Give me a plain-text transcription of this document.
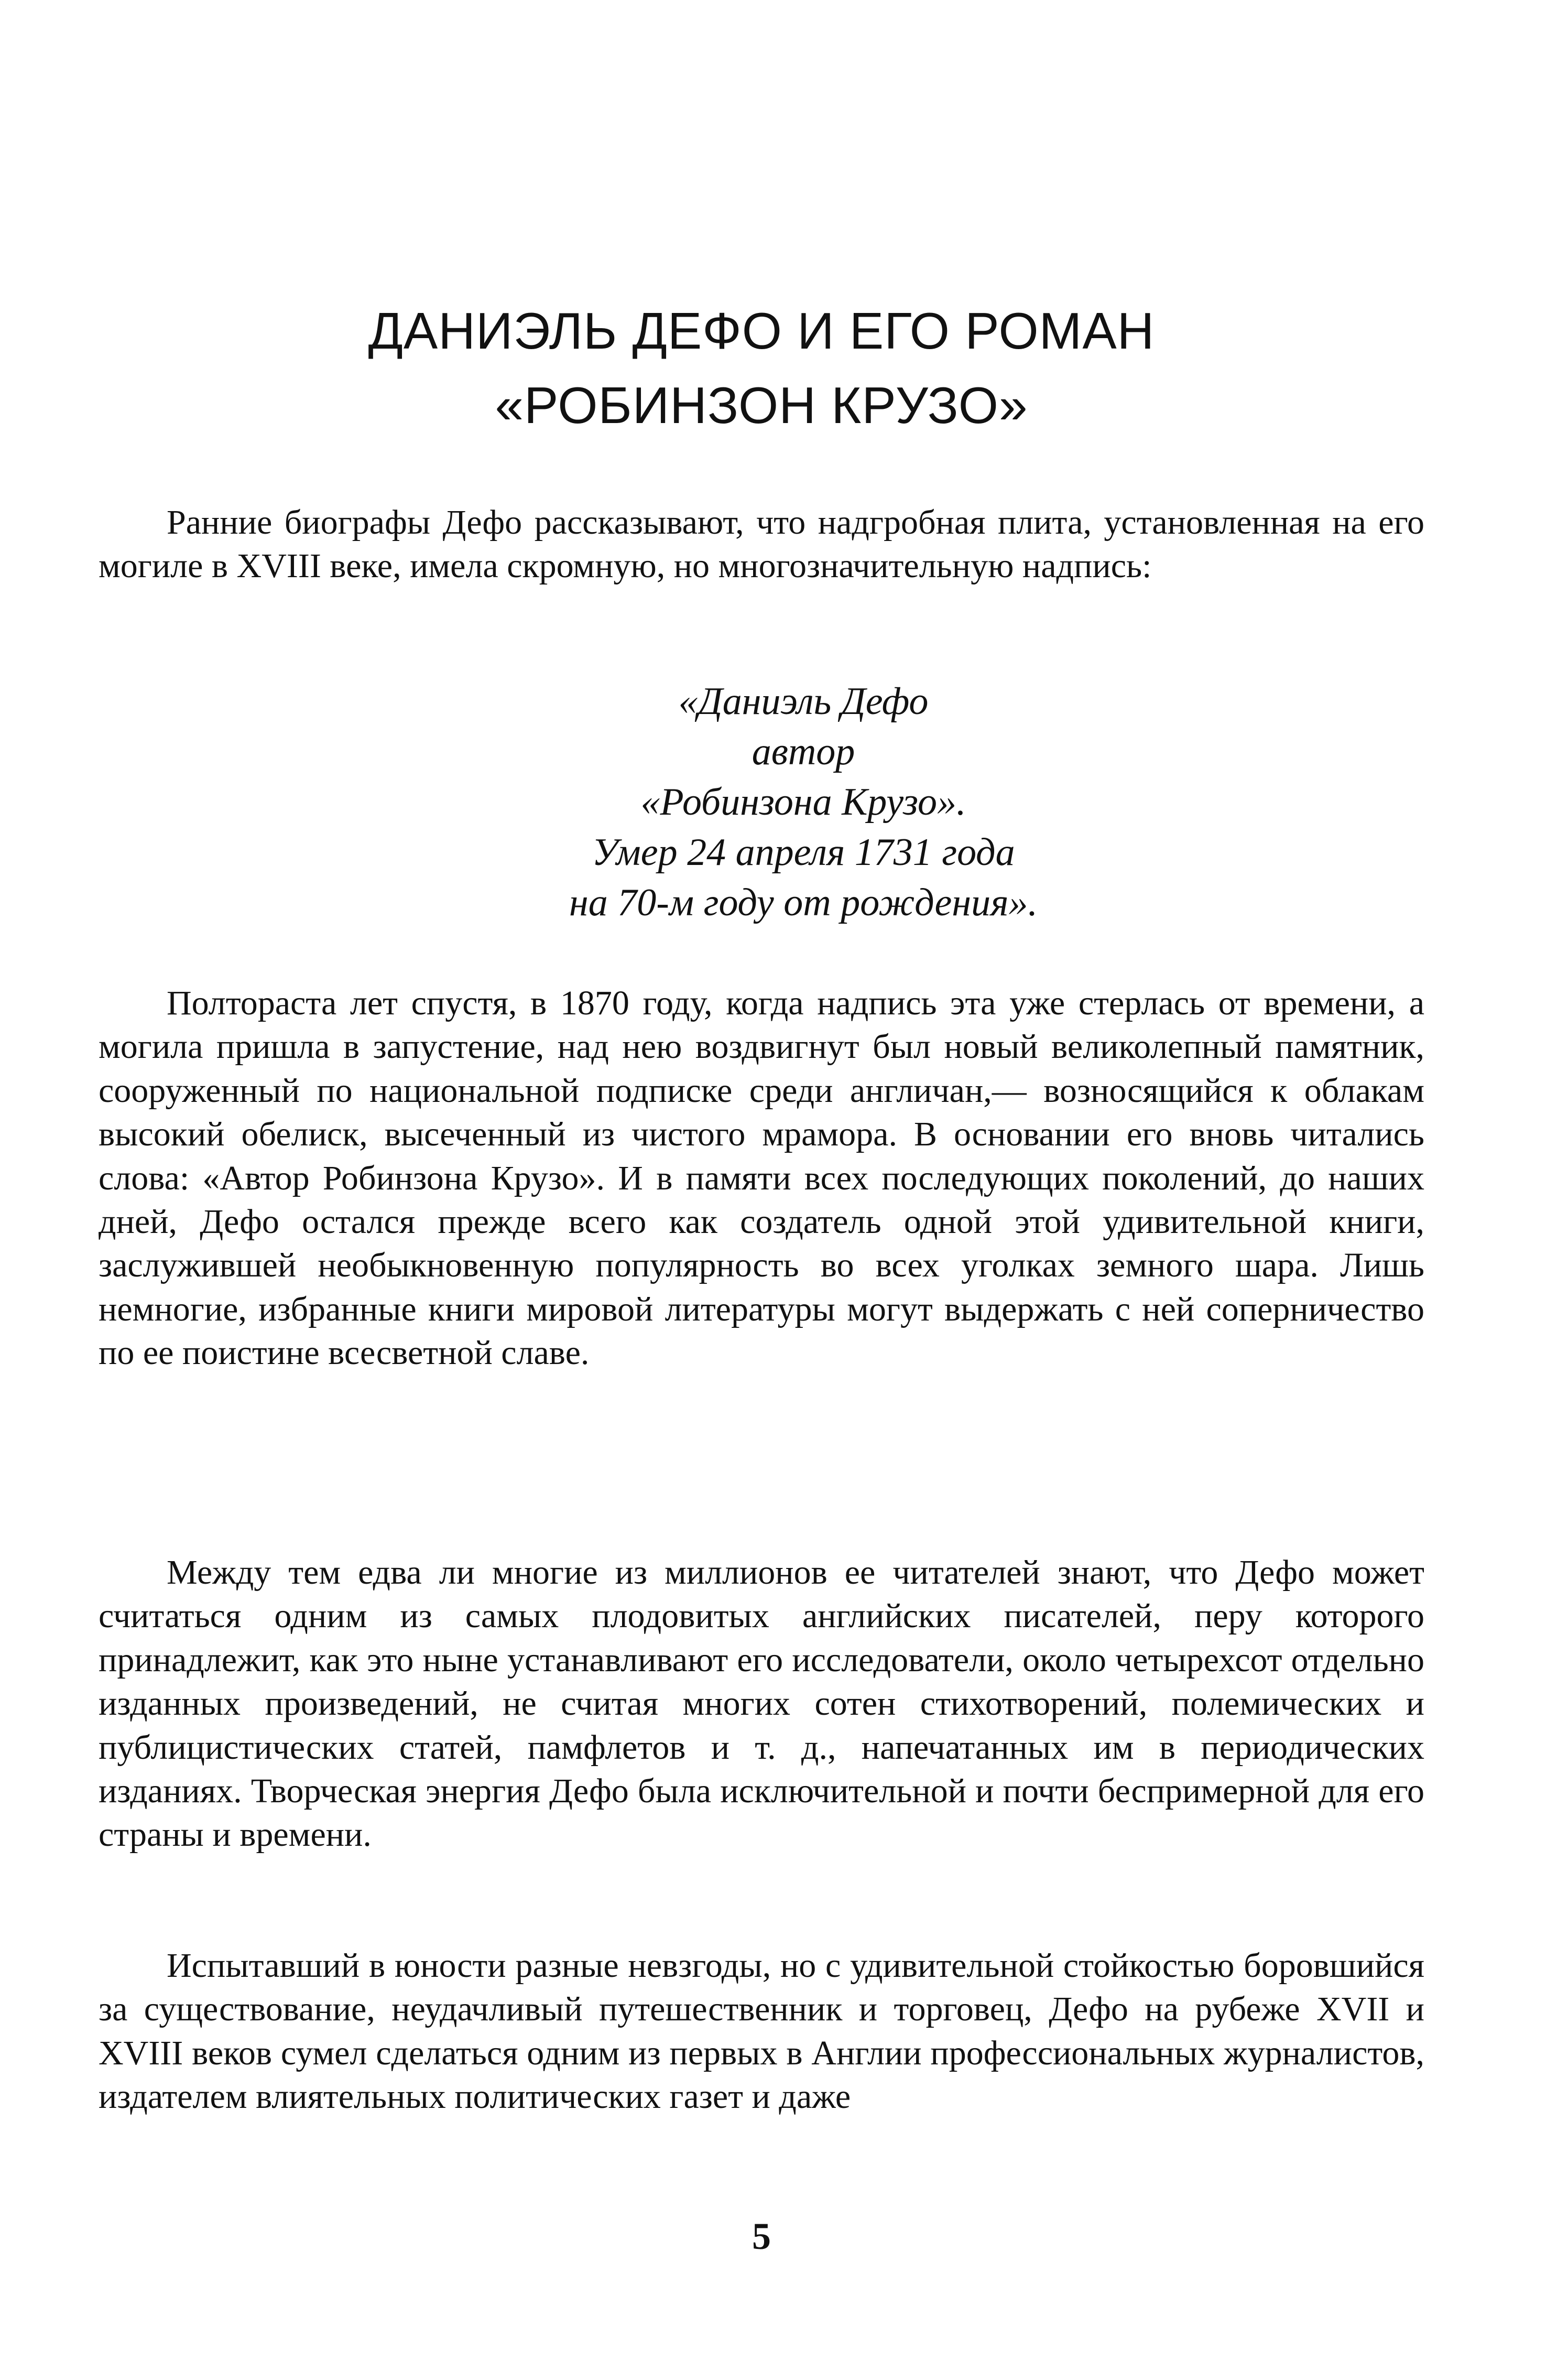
ДАНИЭЛЬ ДЕФО И ЕГО РОМАН
«РОБИНЗОН КРУЗО»

Ранние биографы Дефо рассказывают, что надгробная плита, установленная на его могиле в XVIII веке, имела скромную, но многозначительную надпись:

«Даниэль Дефо
автор
«Робинзона Крузо».
Умер 24 апреля 1731 года
на 70-м году от рождения».

Полтораста лет спустя, в 1870 году, когда надпись эта уже стерлась от времени, а могила пришла в запустение, над нею воздвигнут был новый великолепный памятник, сооруженный по национальной подписке среди англичан,— возносящийся к облакам высокий обелиск, высеченный из чистого мрамора. В основании его вновь читались слова: «Автор Робинзона Крузо». И в памяти всех последующих поколений, до наших дней, Дефо остался прежде всего как создатель одной этой удивительной книги, заслужившей необыкновенную популярность во всех уголках земного шара. Лишь немногие, избранные книги мировой литературы могут выдержать с ней соперничество по ее поистине всесветной славе.

Между тем едва ли многие из миллионов ее читателей знают, что Дефо может считаться одним из самых плодовитых английских писателей, перу которого принадлежит, как это ныне устанавливают его исследователи, около четырехсот отдельно изданных произведений, не считая многих сотен стихотворений, полемических и публицистических статей, памфлетов и т. д., напечатанных им в периодических изданиях. Творческая энергия Дефо была исключительной и почти беспримерной для его страны и времени.

Испытавший в юности разные невзгоды, но с удивительной стойкостью боровшийся за существование, неудачливый путешественник и торговец, Дефо на рубеже XVII и XVIII веков сумел сделаться одним из первых в Англии профессиональных журналистов, издателем влиятельных политических газет и даже

5
